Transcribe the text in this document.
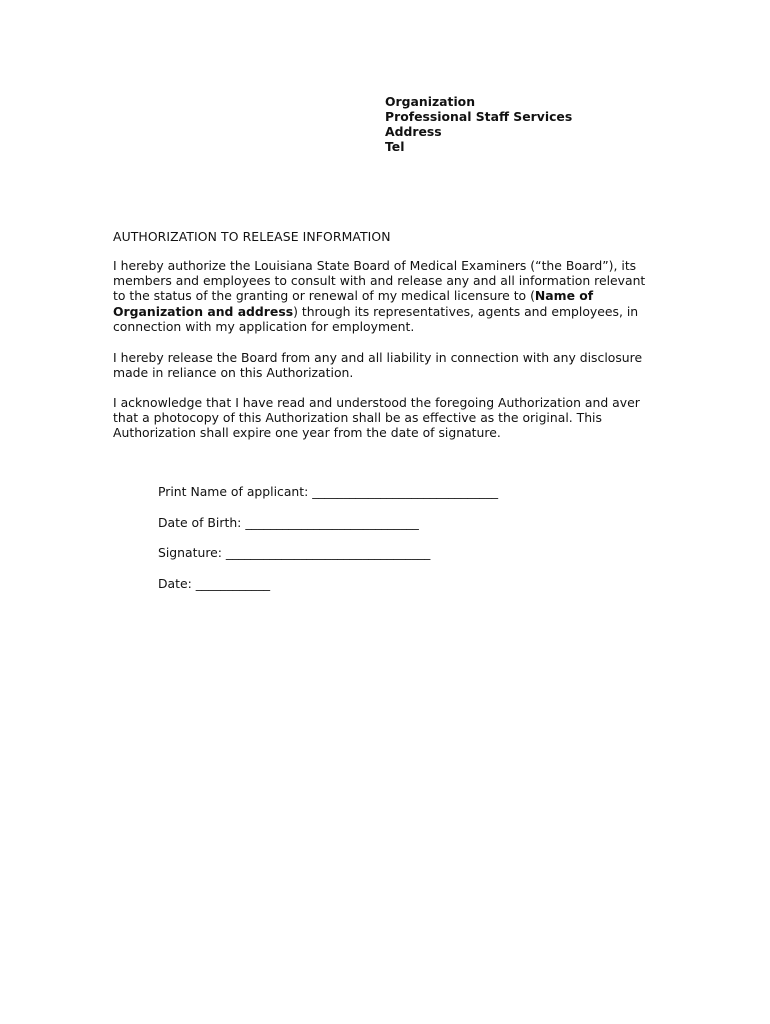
Organization
Professional Staff Services
Address
Tel
AUTHORIZATION TO RELEASE INFORMATION
I hereby authorize the Louisiana State Board of Medical Examiners (“the Board”), its
members and employees to consult with and release any and all information relevant
to the status of the granting or renewal of my medical licensure to (Name of
Organization and address) through its representatives, agents and employees, in
connection with my application for employment.
I hereby release the Board from any and all liability in connection with any disclosure
made in reliance on this Authorization.
I acknowledge that I have read and understood the foregoing Authorization and aver
that a photocopy of this Authorization shall be as effective as the original. This
Authorization shall expire one year from the date of signature.
Print Name of applicant: ______________________________
Date of Birth: ____________________________
Signature: _________________________________
Date: ____________
